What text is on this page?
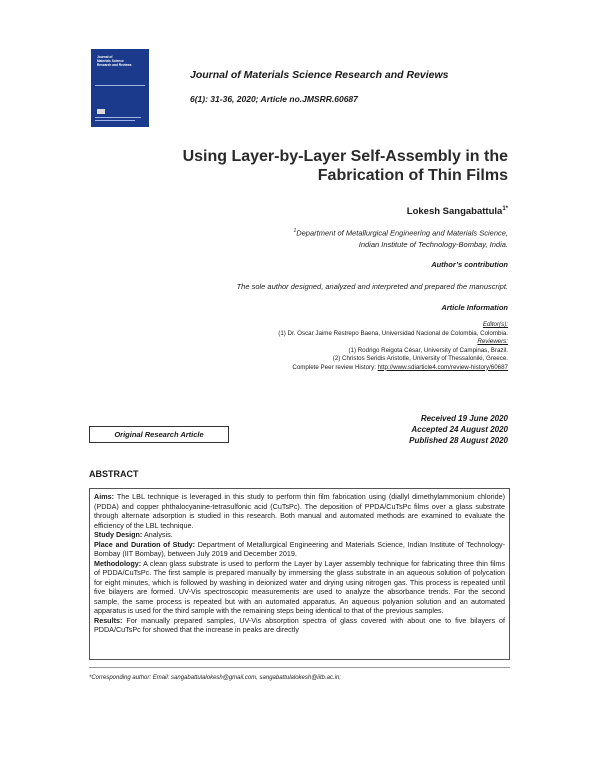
Journal of
Materials Science
Research and Reviews
Journal of Materials Science Research and Reviews
6(1): 31-36, 2020; Article no.JMSRR.60687
Using Layer-by-Layer Self-Assembly in the Fabrication of Thin Films
Lokesh Sangabattula$^{1*}$
$^1$Department of Metallurgical Engineering and Materials Science,
Indian Institute of Technology-Bombay, India.
Author’s contribution
The sole author designed, analyzed and interpreted and prepared the manuscript.
Article Information
Editor(s):
(1) Dr. Oscar Jaime Restrepo Baena, Universidad Nacional de Colombia, Colombia.
Reviewers:
(1) Rodrigo Reigota César, University of Campinas, Brazil.
(2) Christos Seridis Aristotle, University of Thessaloniki, Greece.
Complete Peer review History: http://www.sdiarticle4.com/review-history/60687
Received 19 June 2020
Accepted 24 August 2020
Published 28 August 2020
Original Research Article
ABSTRACT
Aims: The LBL technique is leveraged in this study to perform thin film fabrication using (diallyl dimethylammonium chloride) (PDDA) and copper phthalocyanine-tetrasulfonic acid (CuTsPc). The deposition of PPDA/CuTsPc films over a glass substrate through alternate adsorption is studied in this research. Both manual and automated methods are examined to evaluate the efficiency of the LBL technique.
Study Design: Analysis.
Place and Duration of Study: Department of Metallurgical Engineering and Materials Science, Indian Institute of Technology-Bombay (IIT Bombay), between July 2019 and December 2019.
Methodology: A clean glass substrate is used to perform the Layer by Layer assembly technique for fabricating three thin films of PDDA/CuTsPc. The first sample is prepared manually by immersing the glass substrate in an aqueous solution of polycation for eight minutes, which is followed by washing in deionized water and drying using nitrogen gas. This process is repeated until five bilayers are formed. UV-Vis spectroscopic measurements are used to analyze the absorbance trends. For the second sample, the same process is repeated but with an automated apparatus. An aqueous polyanion solution and an automated apparatus is used for the third sample with the remaining steps being identical to that of the previous samples.
Results: For manually prepared samples, UV-Vis absorption spectra of glass covered with about one to five bilayers of PDDA/CuTsPc for showed that the increase in peaks are directly
*Corresponding author: Email: sangabattulalokesh@gmail.com, sangabattulalokesh@iitb.ac.in;
